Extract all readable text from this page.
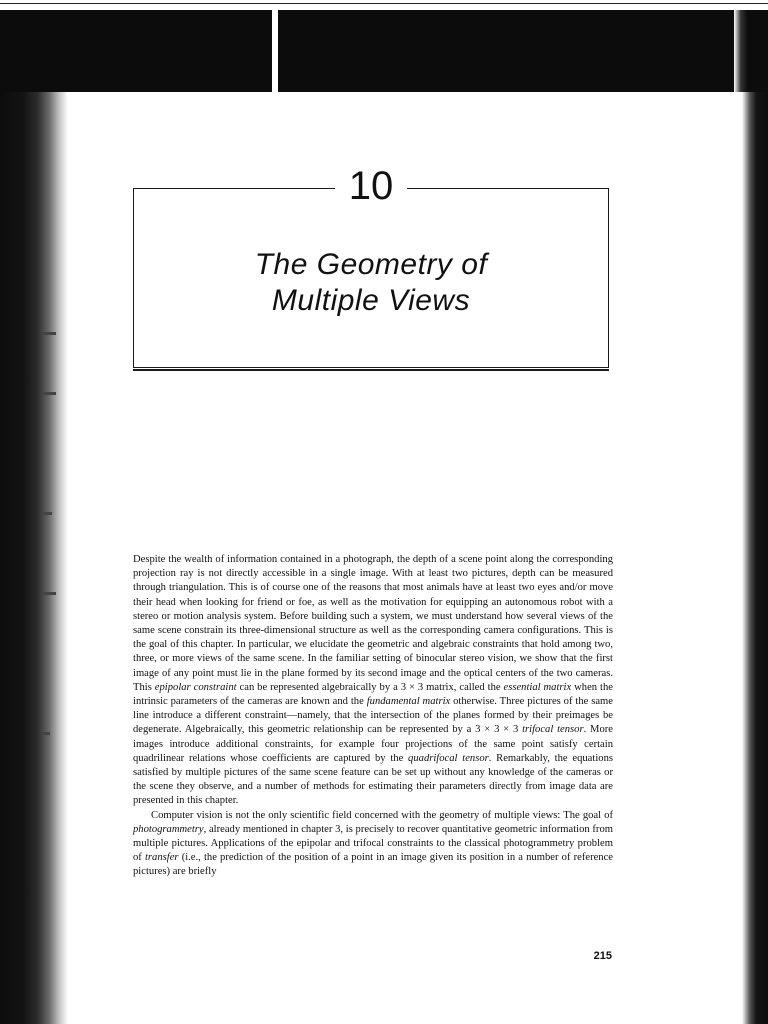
10
The Geometry of
Multiple Views

Despite the wealth of information contained in a photograph, the depth of a scene point along the corresponding projection ray is not directly accessible in a single image. With at least two pictures, depth can be measured through triangulation. This is of course one of the reasons that most animals have at least two eyes and/or move their head when looking for friend or foe, as well as the motivation for equipping an autonomous robot with a stereo or motion analysis system. Before building such a system, we must understand how several views of the same scene constrain its three-dimensional structure as well as the corresponding camera configurations. This is the goal of this chapter. In particular, we elucidate the geometric and algebraic constraints that hold among two, three, or more views of the same scene. In the familiar setting of binocular stereo vision, we show that the first image of any point must lie in the plane formed by its second image and the optical centers of the two cameras. This epipolar constraint can be represented algebraically by a 3 × 3 matrix, called the essential matrix when the intrinsic parameters of the cameras are known and the fundamental matrix otherwise. Three pictures of the same line introduce a different constraint—namely, that the intersection of the planes formed by their preimages be degenerate. Algebraically, this geometric relationship can be represented by a 3 × 3 × 3 trifocal tensor. More images introduce additional constraints, for example four projections of the same point satisfy certain quadrilinear relations whose coefficients are captured by the quadrifocal tensor. Remarkably, the equations satisfied by multiple pictures of the same scene feature can be set up without any knowledge of the cameras or the scene they observe, and a number of methods for estimating their parameters directly from image data are presented in this chapter.

Computer vision is not the only scientific field concerned with the geometry of multiple views: The goal of photogrammetry, already mentioned in chapter 3, is precisely to recover quantitative geometric information from multiple pictures. Applications of the epipolar and trifocal constraints to the classical photogrammetry problem of transfer (i.e., the prediction of the position of a point in an image given its position in a number of reference pictures) are briefly

215
